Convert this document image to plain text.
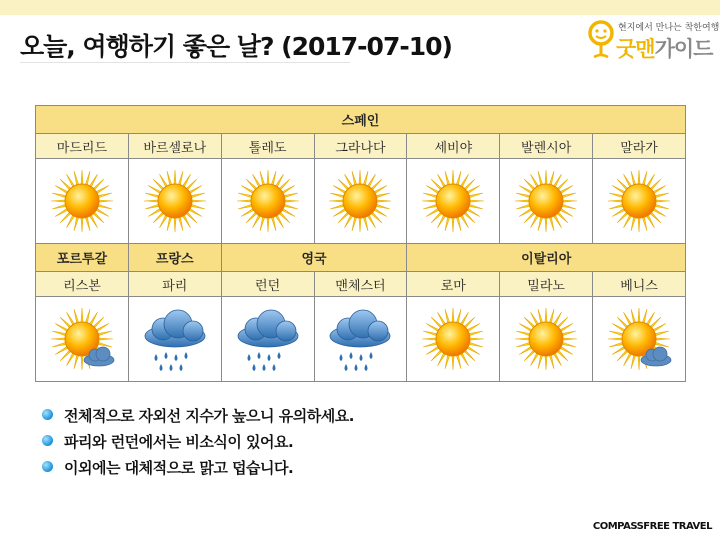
오늘, 여행하기 좋은 날? (2017-07-10)
현지에서 만나는 착한여행
굿맨가이드
스페인						
마드리드	바르셀로나	톨레도	그라나다	세비야	발렌시아	말라가

포르투갈	프랑스	영국		이탈리아		
리스본	파리	런던	맨체스터	로마	밀라노	베니스

전체적으로 자외선 지수가 높으니 유의하세요.
파리와 런던에서는 비소식이 있어요.
이외에는 대체적으로 맑고 덥습니다.
COMPASSFREE TRAVEL
